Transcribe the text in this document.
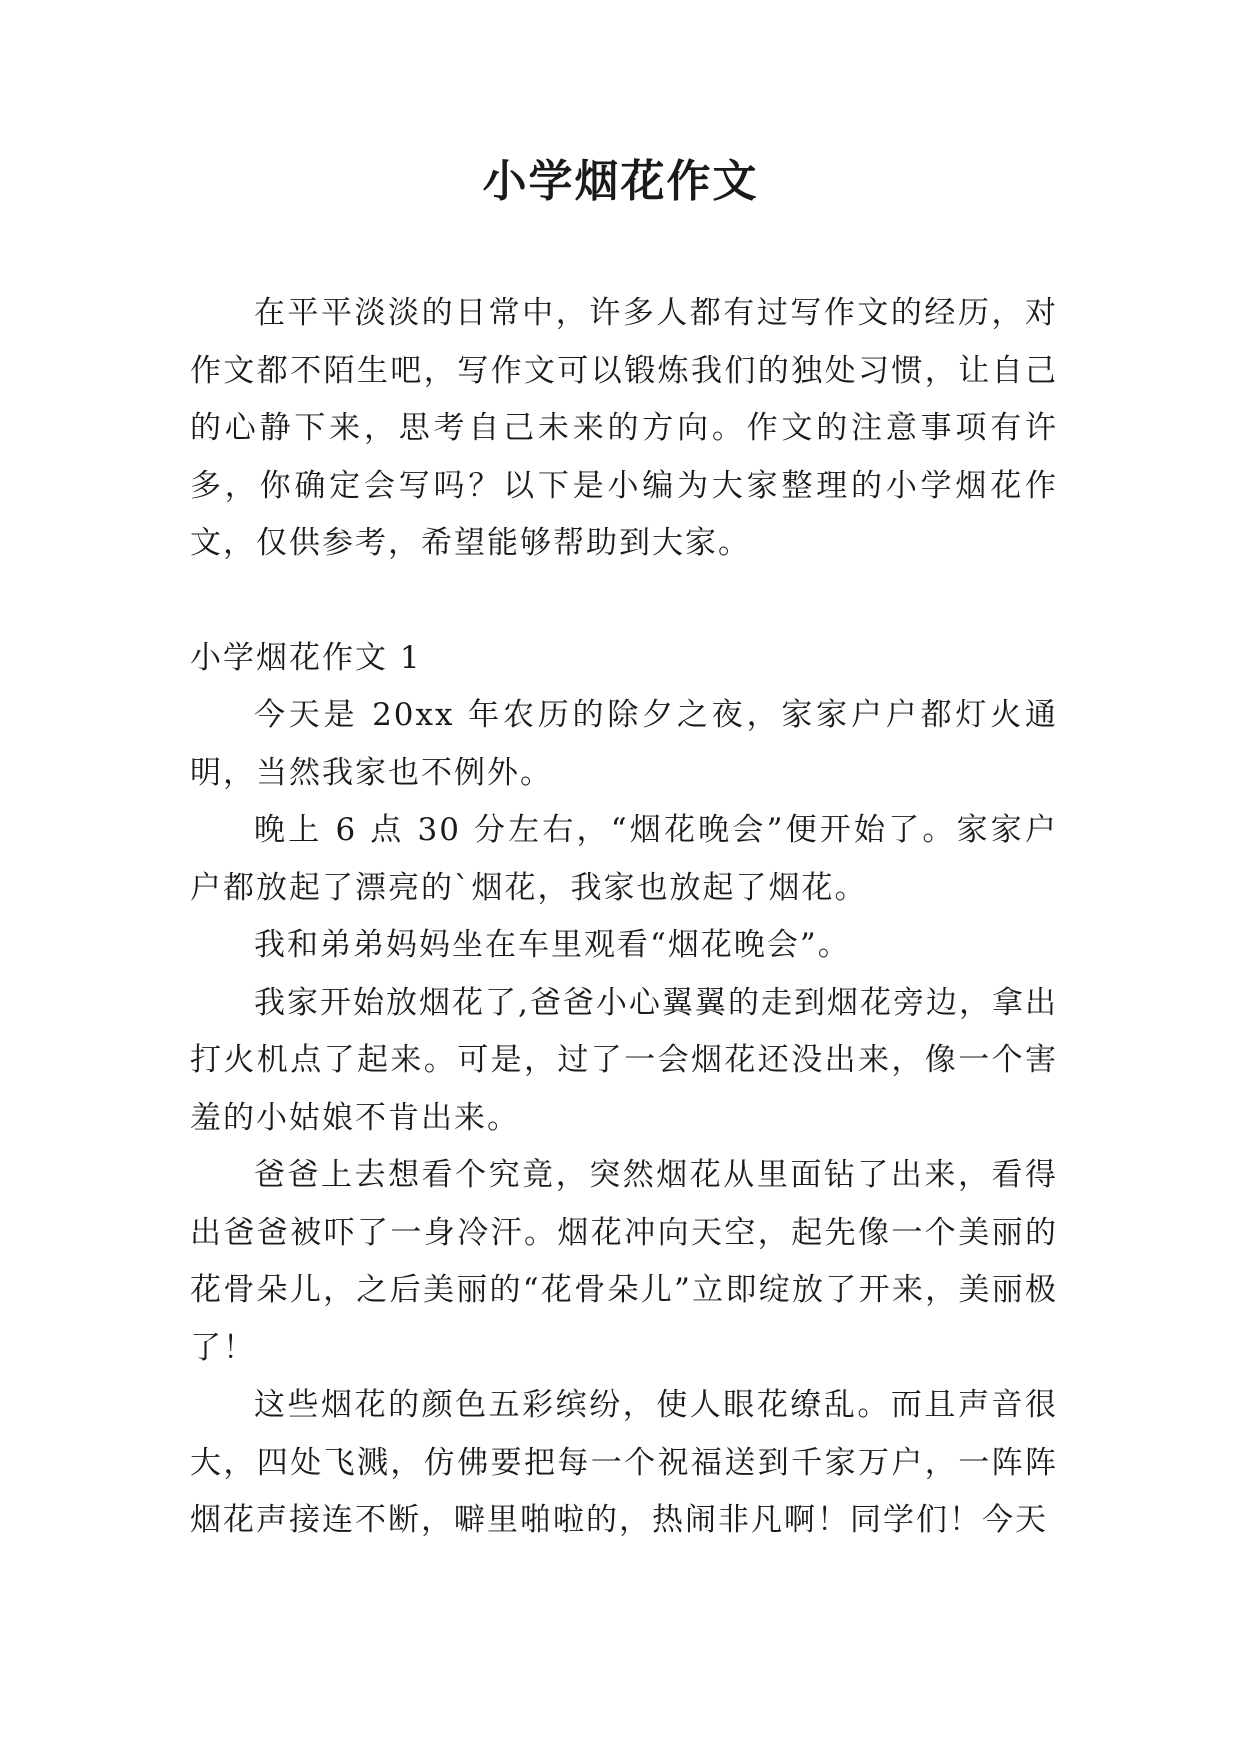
小学烟花作文

在平平淡淡的日常中，许多人都有过写作文的经历，对作文都不陌生吧，写作文可以锻炼我们的独处习惯，让自己的心静下来，思考自己未来的方向。作文的注意事项有许多，你确定会写吗？以下是小编为大家整理的小学烟花作文，仅供参考，希望能够帮助到大家。

小学烟花作文 1

今天是 20xx 年农历的除夕之夜，家家户户都灯火通明，当然我家也不例外。

晚上 6 点 30 分左右，“烟花晚会”便开始了。家家户户都放起了漂亮的`烟花，我家也放起了烟花。

我和弟弟妈妈坐在车里观看“烟花晚会”。

我家开始放烟花了,爸爸小心翼翼的走到烟花旁边，拿出打火机点了起来。可是，过了一会烟花还没出来，像一个害羞的小姑娘不肯出来。

爸爸上去想看个究竟，突然烟花从里面钻了出来，看得出爸爸被吓了一身冷汗。烟花冲向天空，起先像一个美丽的花骨朵儿，之后美丽的“花骨朵儿”立即绽放了开来，美丽极了！

这些烟花的颜色五彩缤纷，使人眼花缭乱。而且声音很大，四处飞溅，仿佛要把每一个祝福送到千家万户，一阵阵烟花声接连不断，噼里啪啦的，热闹非凡啊！同学们！今天
